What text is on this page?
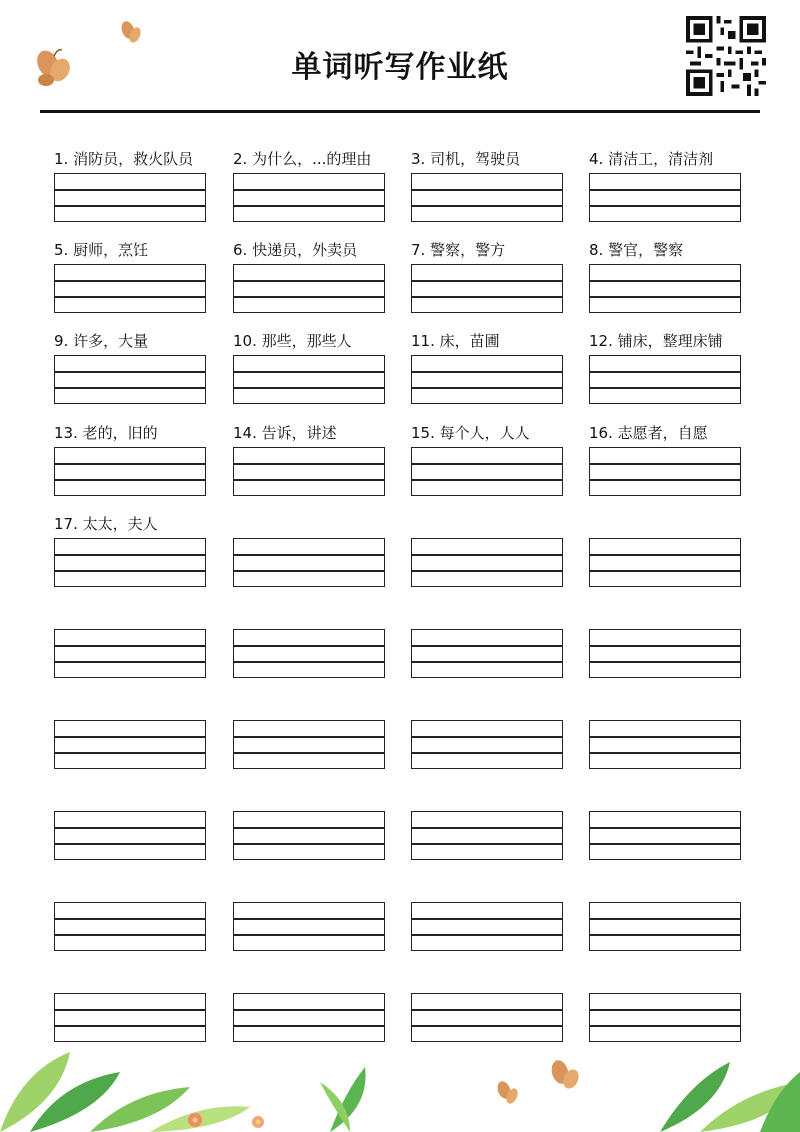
单词听写作业纸
1. 消防员，救火队员	2. 为什么，...的理由	3. 司机，驾驶员	4. 清洁工，清洁剂
5. 厨师，烹饪	6. 快递员，外卖员	7. 警察，警方	8. 警官，警察
9. 许多，大量	10. 那些，那些人	11. 床，苗圃	12. 铺床，整理床铺
13. 老的，旧的	14. 告诉，讲述	15. 每个人，人人	16. 志愿者，自愿
17. 太太，夫人
